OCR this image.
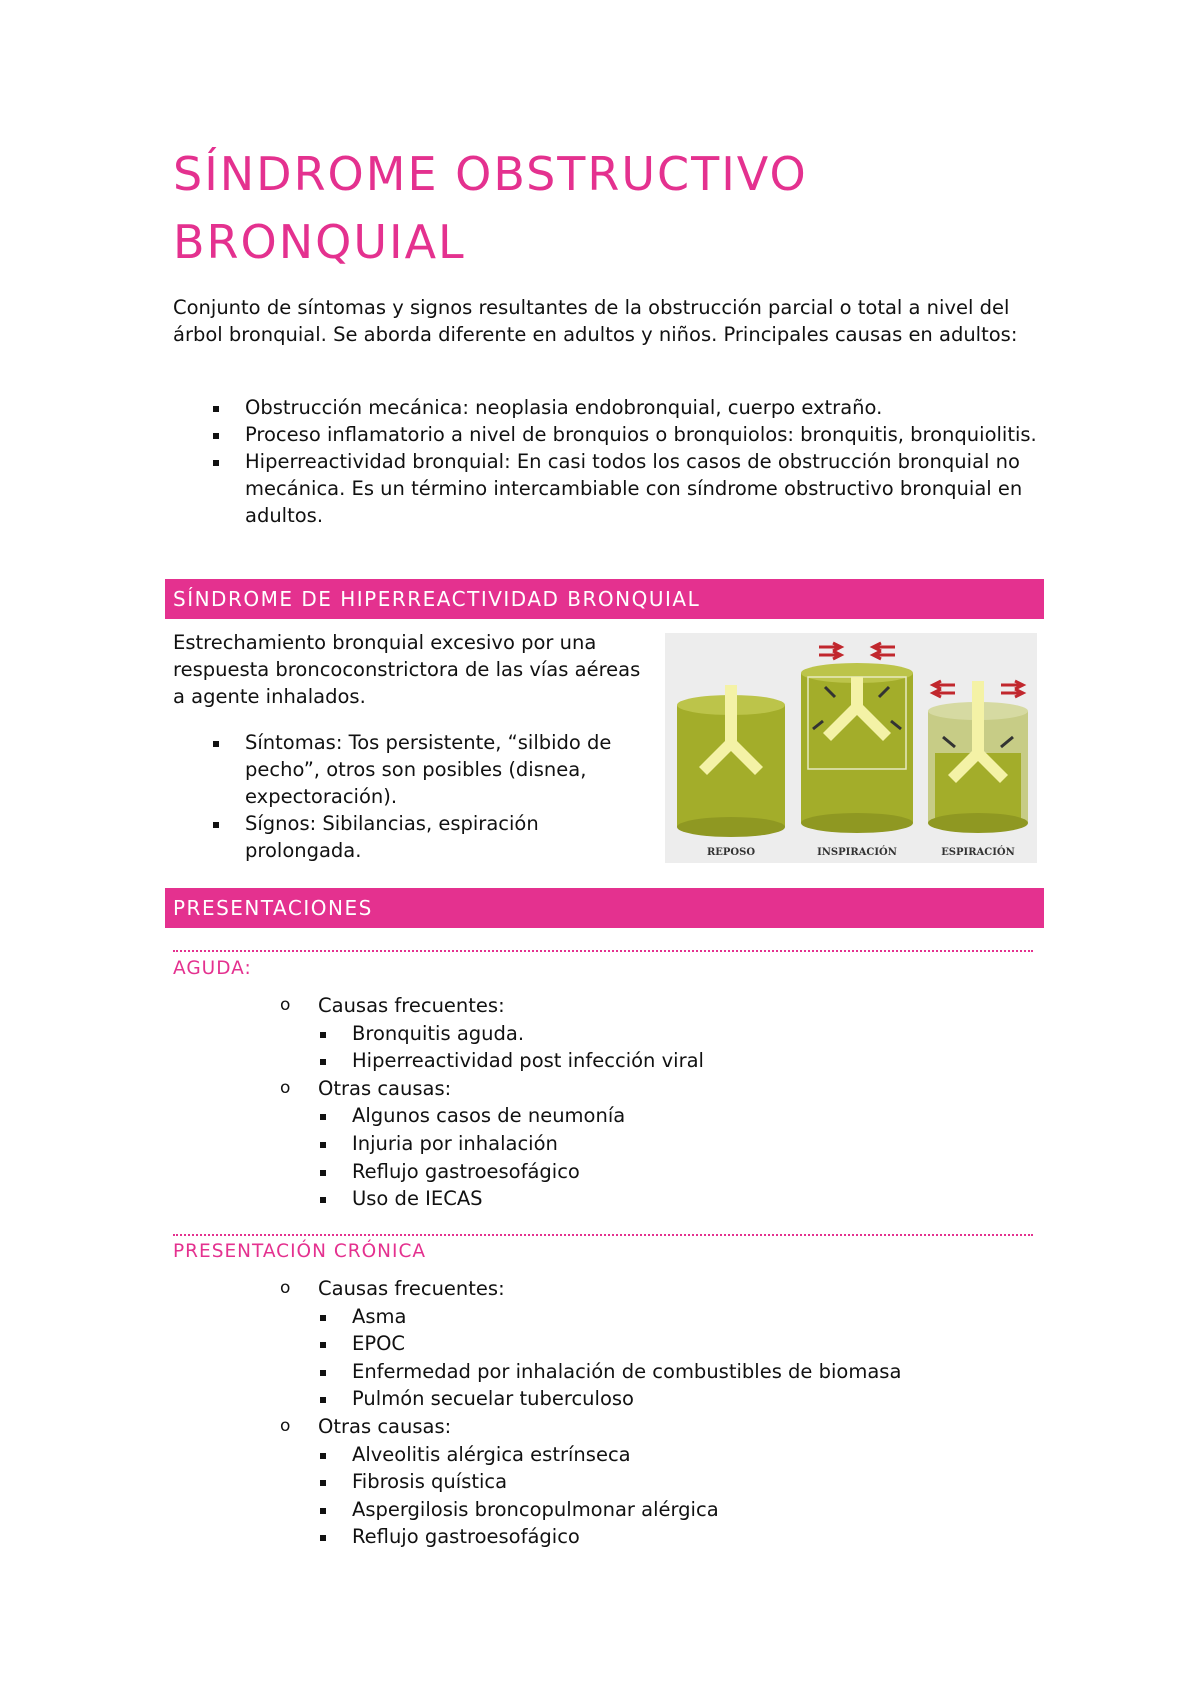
SÍNDROME OBSTRUCTIVO
BRONQUIAL

Conjunto de síntomas y signos resultantes de la obstrucción parcial o total a nivel del árbol bronquial. Se aborda diferente en adultos y niños. Principales causas en adultos:

Obstrucción mecánica: neoplasia endobronquial, cuerpo extraño.
Proceso inflamatorio a nivel de bronquios o bronquiolos: bronquitis, bronquiolitis.
Hiperreactividad bronquial: En casi todos los casos de obstrucción bronquial no mecánica. Es un término intercambiable con síndrome obstructivo bronquial en adultos.
SÍNDROME DE HIPERREACTIVIDAD BRONQUIAL

Estrechamiento bronquial excesivo por una respuesta broncoconstrictora de las vías aéreas a agente inhalados.

Síntomas: Tos persistente, “silbido de pecho”, otros son posibles (disnea, expectoración).
Sígnos: Sibilancias, espiración prolongada.	REPOSO	INSPIRACIÓN	ESPIRACIÓN
PRESENTACIONES
AGUDA:
o Causas frecuentes:
Bronquitis aguda.
Hiperreactividad post infección viral
o Otras causas:
Algunos casos de neumonía
Injuria por inhalación
Reflujo gastroesofágico
Uso de IECAS
PRESENTACIÓN CRÓNICA
o Causas frecuentes:
Asma
EPOC
Enfermedad por inhalación de combustibles de biomasa
Pulmón secuelar tuberculoso
o Otras causas:
Alveolitis alérgica estrínseca
Fibrosis quística
Aspergilosis broncopulmonar alérgica
Reflujo gastroesofágico
